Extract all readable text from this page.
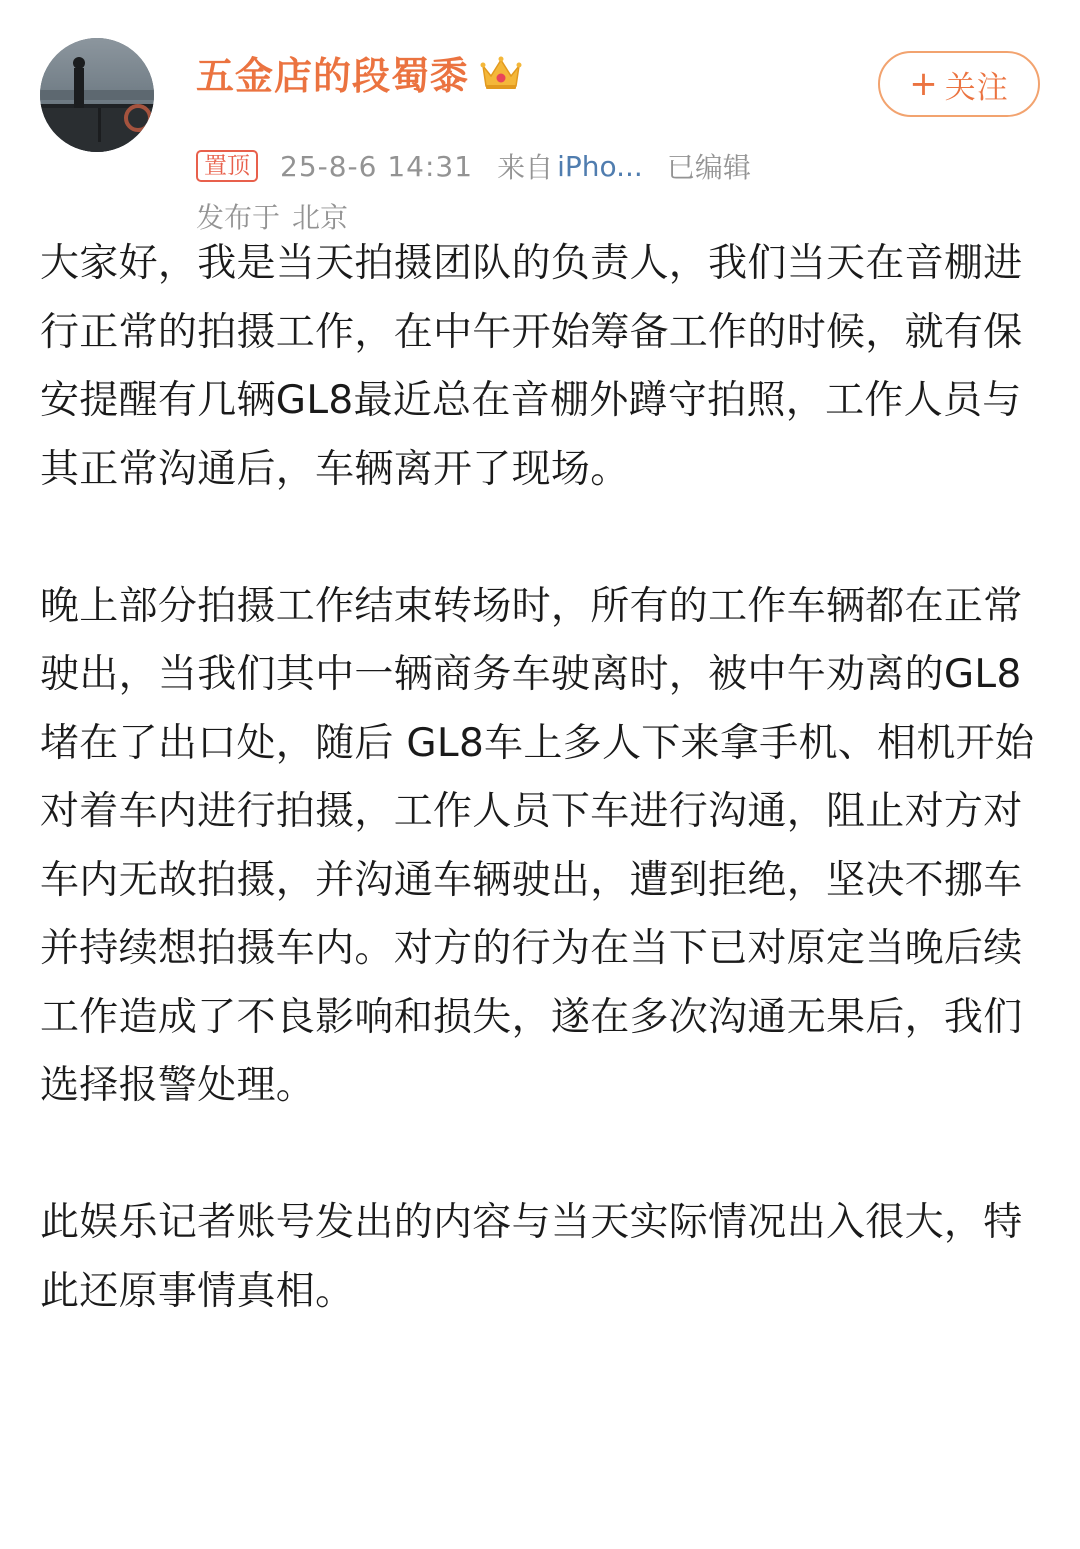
五金店的段蜀黍
置顶 25-8-6 14:31 来自 iPho... 已编辑
发布于 北京
+ 关注

大家好，我是当天拍摄团队的负责人，我们当天在音棚进行正常的拍摄工作，在中午开始筹备工作的时候，就有保安提醒有几辆GL8最近总在音棚外蹲守拍照，工作人员与其正常沟通后，车辆离开了现场。

晚上部分拍摄工作结束转场时，所有的工作车辆都在正常驶出，当我们其中一辆商务车驶离时，被中午劝离的GL8堵在了出口处，随后 GL8车上多人下来拿手机、相机开始对着车内进行拍摄，工作人员下车进行沟通，阻止对方对车内无故拍摄，并沟通车辆驶出，遭到拒绝，坚决不挪车并持续想拍摄车内。对方的行为在当下已对原定当晚后续工作造成了不良影响和损失，遂在多次沟通无果后，我们选择报警处理。

此娱乐记者账号发出的内容与当天实际情况出入很大，特此还原事情真相。
